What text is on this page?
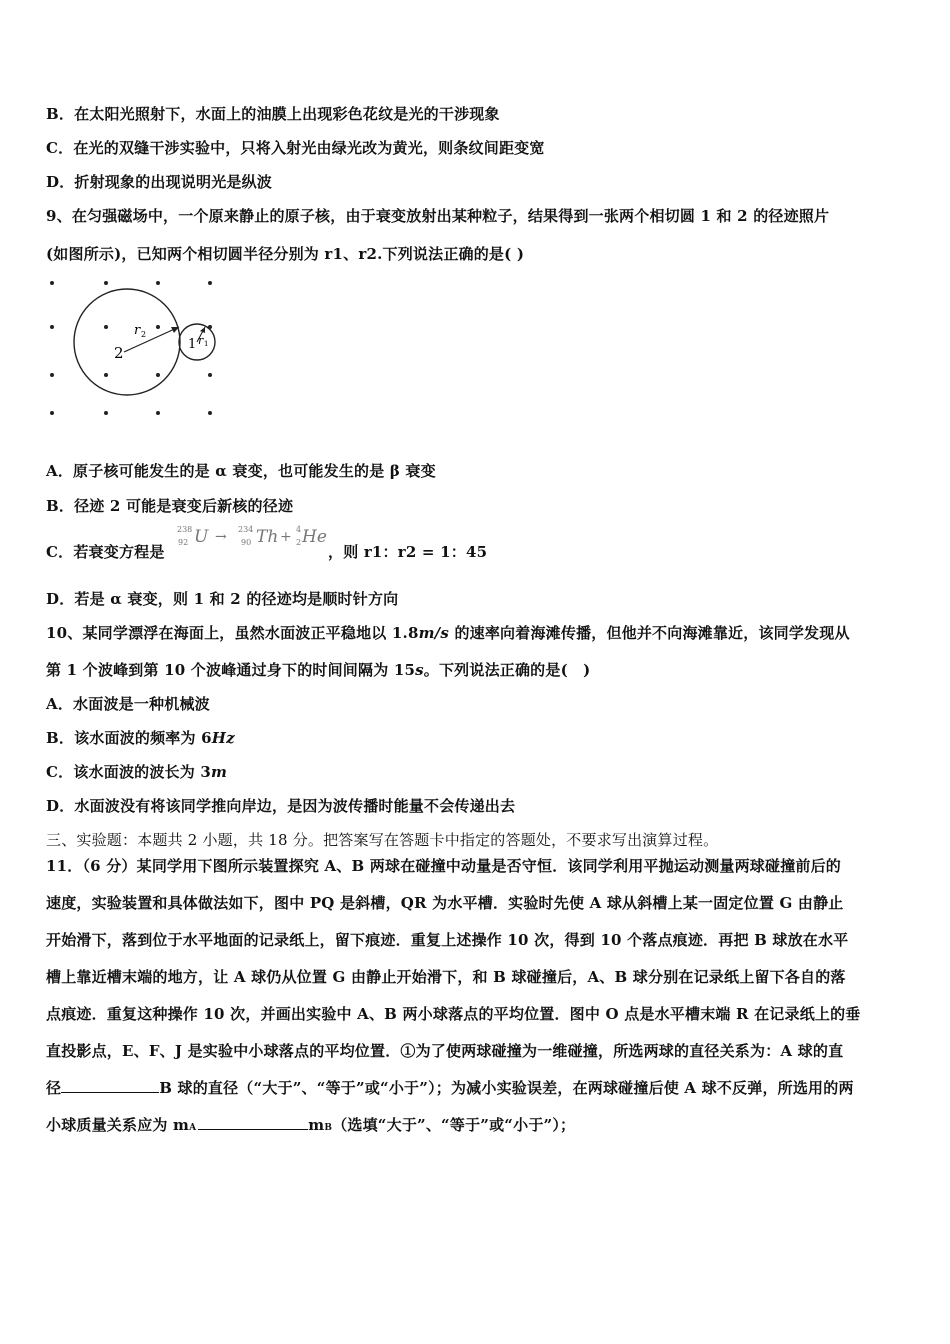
B．在太阳光照射下，水面上的油膜上出现彩色花纹是光的干涉现象
C．在光的双缝干涉实验中，只将入射光由绿光改为黄光，则条纹间距变宽
D．折射现象的出现说明光是纵波
9、在匀强磁场中，一个原来静止的原子核，由于衰变放射出某种粒子，结果得到一张两个相切圆 1 和 2 的径迹照片
(如图所示)，已知两个相切圆半径分别为 r1、r2.下列说法正确的是( )
2	1
r 2	r 1
A．原子核可能发生的是 α 衰变，也可能发生的是 β 衰变
B．径迹 2 可能是衰变后新核的径迹
C．若衰变方程是
238
92 U → 234
90 Th + 4
2 He
，则 r1：r2 = 1：45
D．若是 α 衰变，则 1 和 2 的径迹均是顺时针方向
10、某同学漂浮在海面上，虽然水面波正平稳地以 1.8m/s 的速率向着海滩传播，但他并不向海滩靠近，该同学发现从
第 1 个波峰到第 10 个波峰通过身下的时间间隔为 15s。下列说法正确的是(　)
A．水面波是一种机械波
B．该水面波的频率为 6Hz
C．该水面波的波长为 3m
D．水面波没有将该同学推向岸边，是因为波传播时能量不会传递出去
三、实验题：本题共 2 小题，共 18 分。把答案写在答题卡中指定的答题处，不要求写出演算过程。
11．（6 分）某同学用下图所示装置探究 A、B 两球在碰撞中动量是否守恒．该同学利用平抛运动测量两球碰撞前后的
速度，实验装置和具体做法如下，图中 PQ 是斜槽，QR 为水平槽．实验时先使 A 球从斜槽上某一固定位置 G 由静止
开始滑下，落到位于水平地面的记录纸上，留下痕迹．重复上述操作 10 次，得到 10 个落点痕迹．再把 B 球放在水平
槽上靠近槽末端的地方，让 A 球仍从位置 G 由静止开始滑下，和 B 球碰撞后，A、B 球分别在记录纸上留下各自的落
点痕迹．重复这种操作 10 次，并画出实验中 A、B 两小球落点的平均位置．图中 O 点是水平槽末端 R 在记录纸上的垂
直投影点，E、F、J 是实验中小球落点的平均位置．①为了使两球碰撞为一维碰撞，所选两球的直径关系为：A 球的直
径	B 球的直径（“大于”、“等于”或“小于”）；为减小实验误差，在两球碰撞后使 A 球不反弹，所选用的两
小球质量关系应为 mA	mB（选填“大于”、“等于”或“小于”）；
